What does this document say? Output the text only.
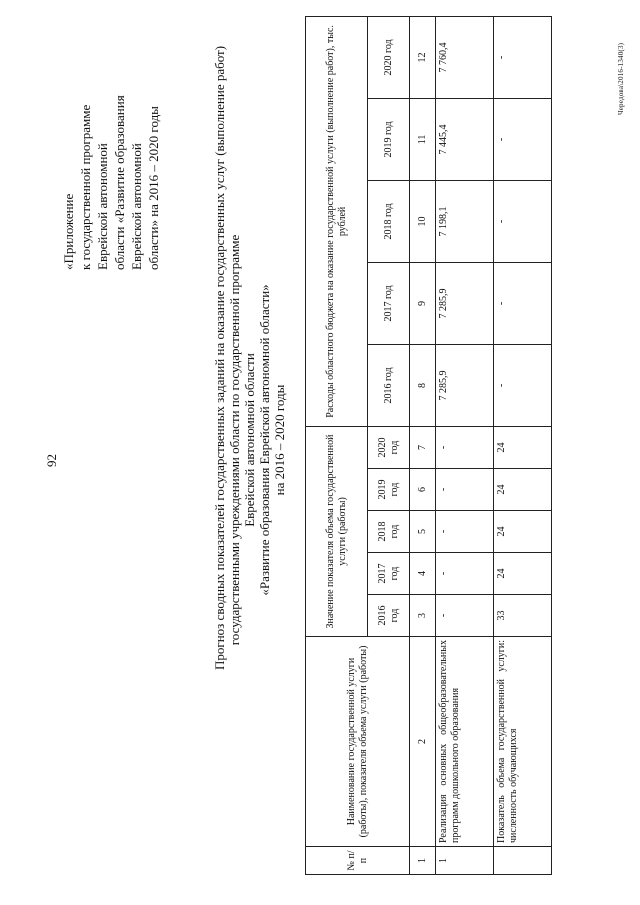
92
«Приложение к государственной программе Еврейской автономной области «Развитие образования Еврейской автономной области» на 2016 – 2020 годы	Прогноз сводных показателей государственных заданий на оказание государственных услуг (выполнение работ) государственными учреждениями области по государственной программе Еврейской автономной области «Развитие образования Еврейской автономной области» на 2016 – 2020 годы
№ п/п	Наименование государственной услуги (работы), показателя объема услуги (работы)	Значение показателя объема государственной услуги (работы)					Расходы областного бюджета на оказание государственной услуги (выполнение работ), тыс. рублей				
		2016 год	2017 год	2018 год	2019 год	2020 год	2016 год	2017 год	2018 год	2019 год	2020 год
1	2	3	4	5	6	7	8	9	10	11	12
1	Реализация основных общеобразовательных программ дошкольного образования	-	-	-	-	-	7 285,9	7 285,9	7 198,1	7 445,4	7 760,4
	Показатель объема государственной услуги: численность обучающихся	33	24	24	24	24	-	-	-	-	-	Чередова\2016-1340(3)
